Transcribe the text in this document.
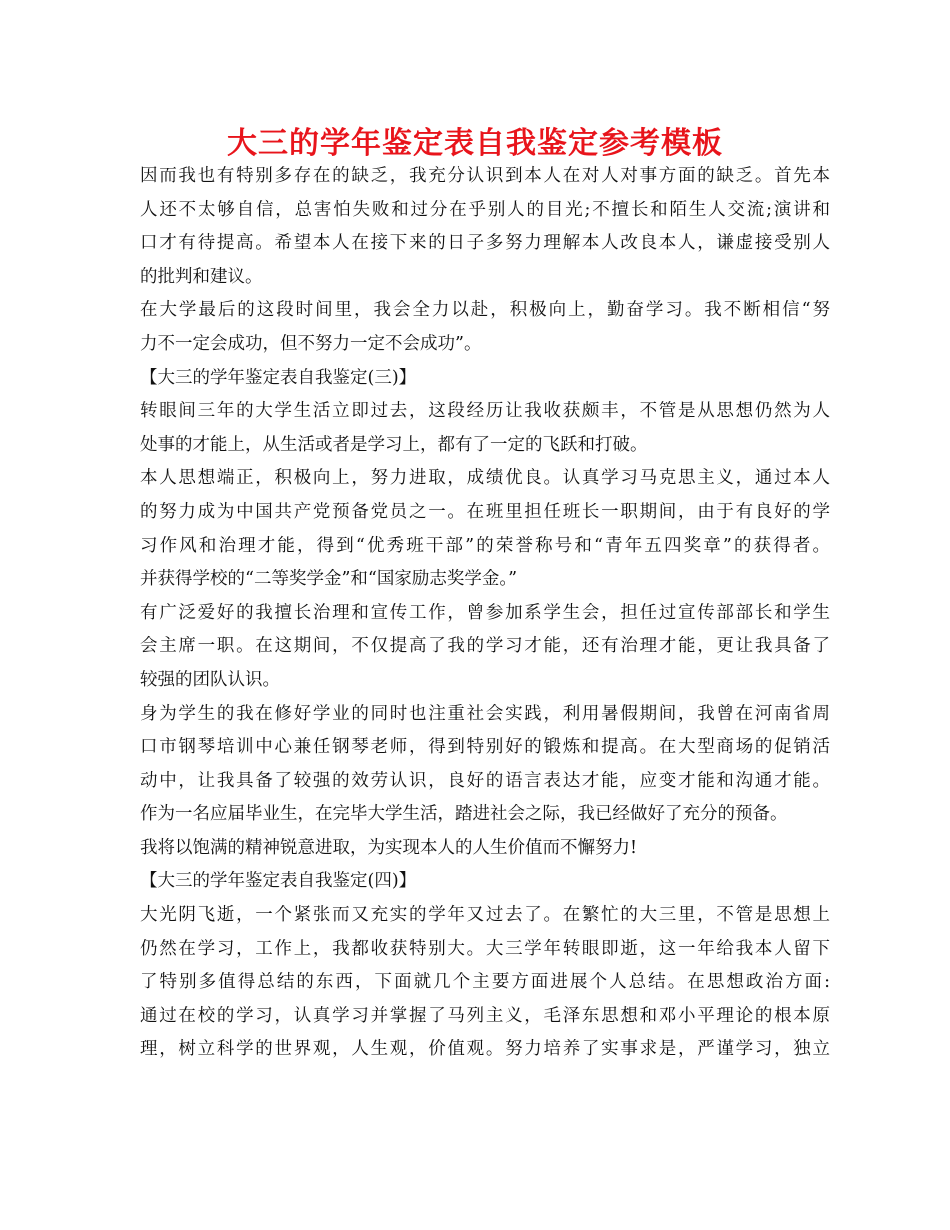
大三的学年鉴定表自我鉴定参考模板
因而我也有特别多存在的缺乏，我充分认识到本人在对人对事方面的缺乏。首先本
人还不太够自信，总害怕失败和过分在乎别人的目光;不擅长和陌生人交流;演讲和
口才有待提高。希望本人在接下来的日子多努力理解本人改良本人，谦虚接受别人
的批判和建议。
在大学最后的这段时间里，我会全力以赴，积极向上，勤奋学习。我不断相信“努
力不一定会成功，但不努力一定不会成功”。
【大三的学年鉴定表自我鉴定(三)】
转眼间三年的大学生活立即过去，这段经历让我收获颇丰，不管是从思想仍然为人
处事的才能上，从生活或者是学习上，都有了一定的飞跃和打破。
本人思想端正，积极向上，努力进取，成绩优良。认真学习马克思主义，通过本人
的努力成为中国共产党预备党员之一。在班里担任班长一职期间，由于有良好的学
习作风和治理才能，得到“优秀班干部”的荣誉称号和“青年五四奖章”的获得者。
并获得学校的“二等奖学金”和“国家励志奖学金。”
有广泛爱好的我擅长治理和宣传工作，曾参加系学生会，担任过宣传部部长和学生
会主席一职。在这期间，不仅提高了我的学习才能，还有治理才能，更让我具备了
较强的团队认识。
身为学生的我在修好学业的同时也注重社会实践，利用暑假期间，我曾在河南省周
口市钢琴培训中心兼任钢琴老师，得到特别好的锻炼和提高。在大型商场的促销活
动中，让我具备了较强的效劳认识，良好的语言表达才能，应变才能和沟通才能。
作为一名应届毕业生，在完毕大学生活，踏进社会之际，我已经做好了充分的预备。
我将以饱满的精神锐意进取，为实现本人的人生价值而不懈努力!
【大三的学年鉴定表自我鉴定(四)】
大光阴飞逝，一个紧张而又充实的学年又过去了。在繁忙的大三里，不管是思想上
仍然在学习，工作上，我都收获特别大。大三学年转眼即逝，这一年给我本人留下
了特别多值得总结的东西，下面就几个主要方面进展个人总结。在思想政治方面:
通过在校的学习，认真学习并掌握了马列主义，毛泽东思想和邓小平理论的根本原
理，树立科学的世界观，人生观，价值观。努力培养了实事求是，严谨学习，独立
